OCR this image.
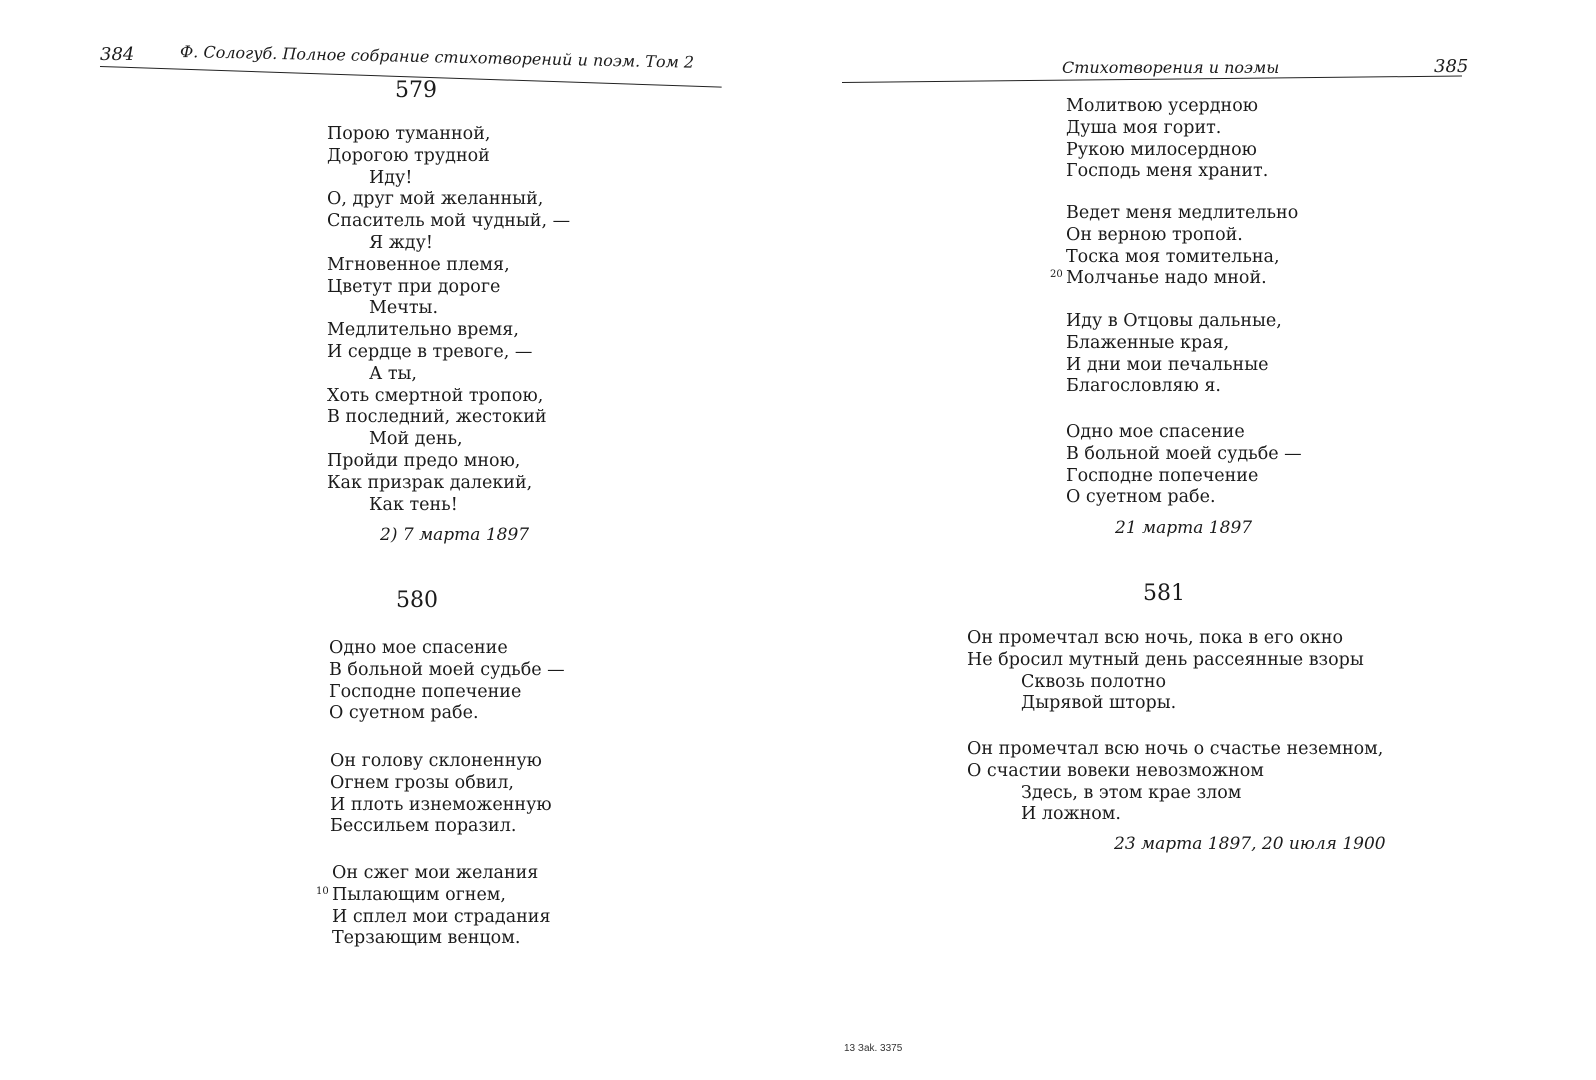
384	Ф. Сологуб. Полное собрание стихотворений и поэм. Том 2
579
Порою туманной,
Дорогою трудной
Иду!
О, друг мой желанный,
Спаситель мой чудный, —
Я жду!
Мгновенное племя,
Цветут при дороге
Мечты.
Медлительно время,
И сердце в тревоге, —
А ты,
Хоть смертной тропою,
В последний, жестокий
Мой день,
Пройди предо мною,
Как призрак далекий,
Как тень!
2) 7 марта 1897
580
Одно мое спасение
В больной моей судьбе —
Господне попечение
О суетном рабе.
Он голову склоненную
Огнем грозы обвил,
И плоть изнеможенную
Бессильем поразил.
Он сжег мои желания
10 Пылающим огнем,
И сплел мои страдания
Терзающим венцом.
Стихотворения и поэмы	385
Молитвою усердною
Душа моя горит.
Рукою милосердною
Господь меня хранит.
Ведет меня медлительно
Он верною тропой.
Тоска моя томительна,
20 Молчанье надо мной.
Иду в Отцовы дальные,
Блаженные края,
И дни мои печальные
Благословляю я.
Одно мое спасение
В больной моей судьбе —
Господне попечение
О суетном рабе.
21 марта 1897
581
Он промечтал всю ночь, пока в его окно
Не бросил мутный день рассеянные взоры
Сквозь полотно
Дырявой шторы.
Он промечтал всю ночь о счастье неземном,
О счастии вовеки невозможном
Здесь, в этом крае злом
И ложном.
23 марта 1897, 20 июля 1900
13 Зak. 3375
